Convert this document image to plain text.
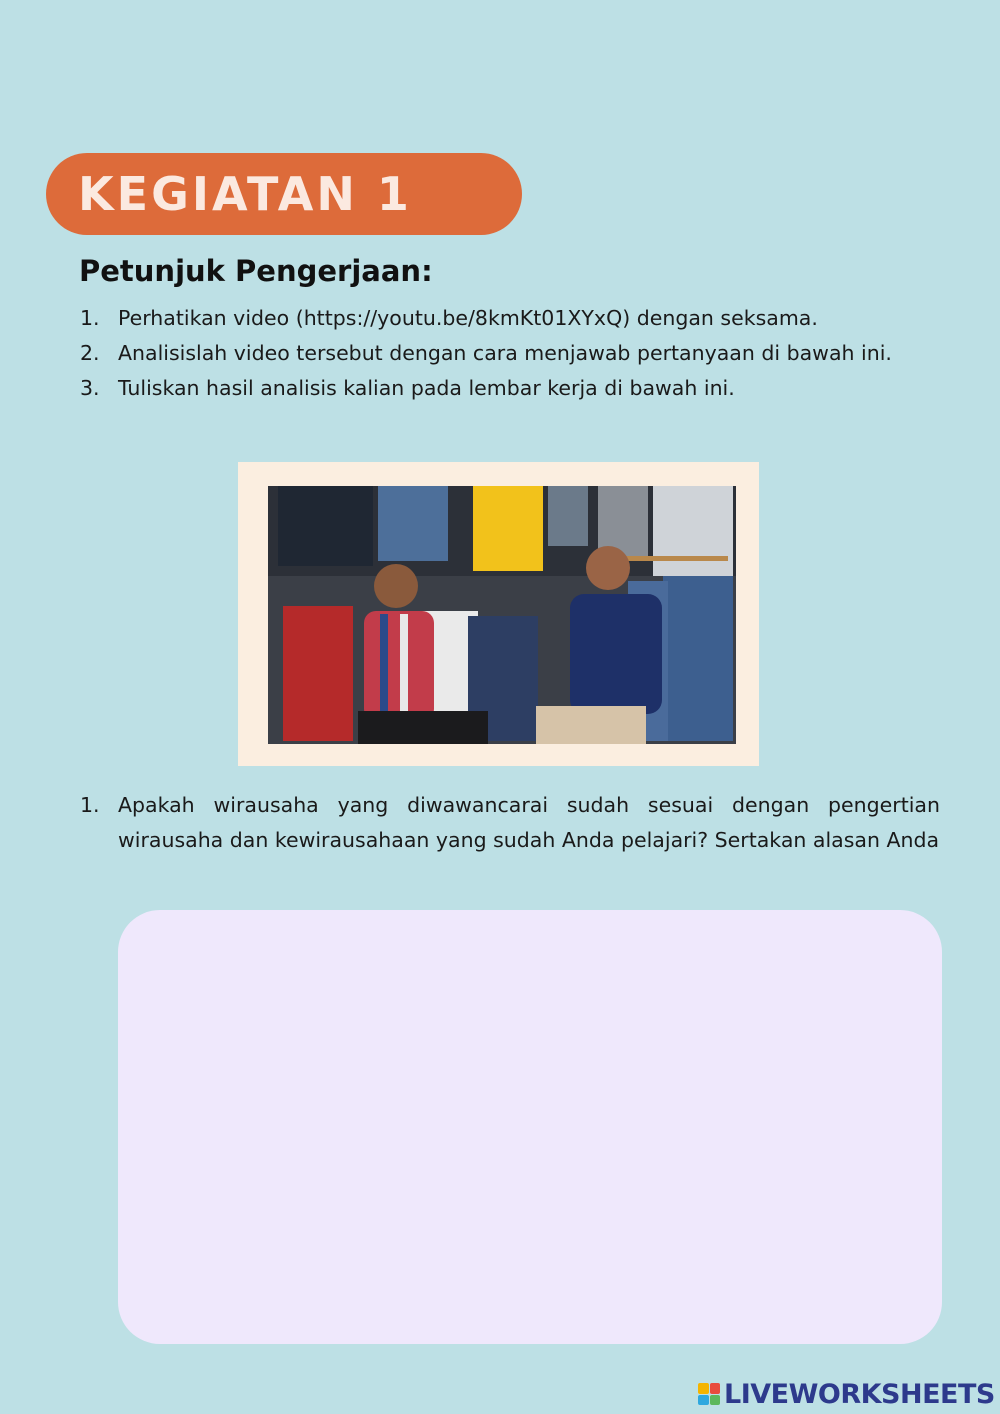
KEGIATAN 1
Petunjuk Pengerjaan:
1. Perhatikan video (https://youtu.be/8kmKt01XYxQ) dengan seksama.
2. Analisislah video tersebut dengan cara menjawab pertanyaan di bawah ini.
3. Tuliskan hasil analisis kalian pada lembar kerja di bawah ini.
1. Apakah wirausaha yang diwawancarai sudah sesuai dengan pengertian wirausaha dan kewirausahaan yang sudah Anda pelajari? Sertakan alasan Anda
LIVEWORKSHEETS
